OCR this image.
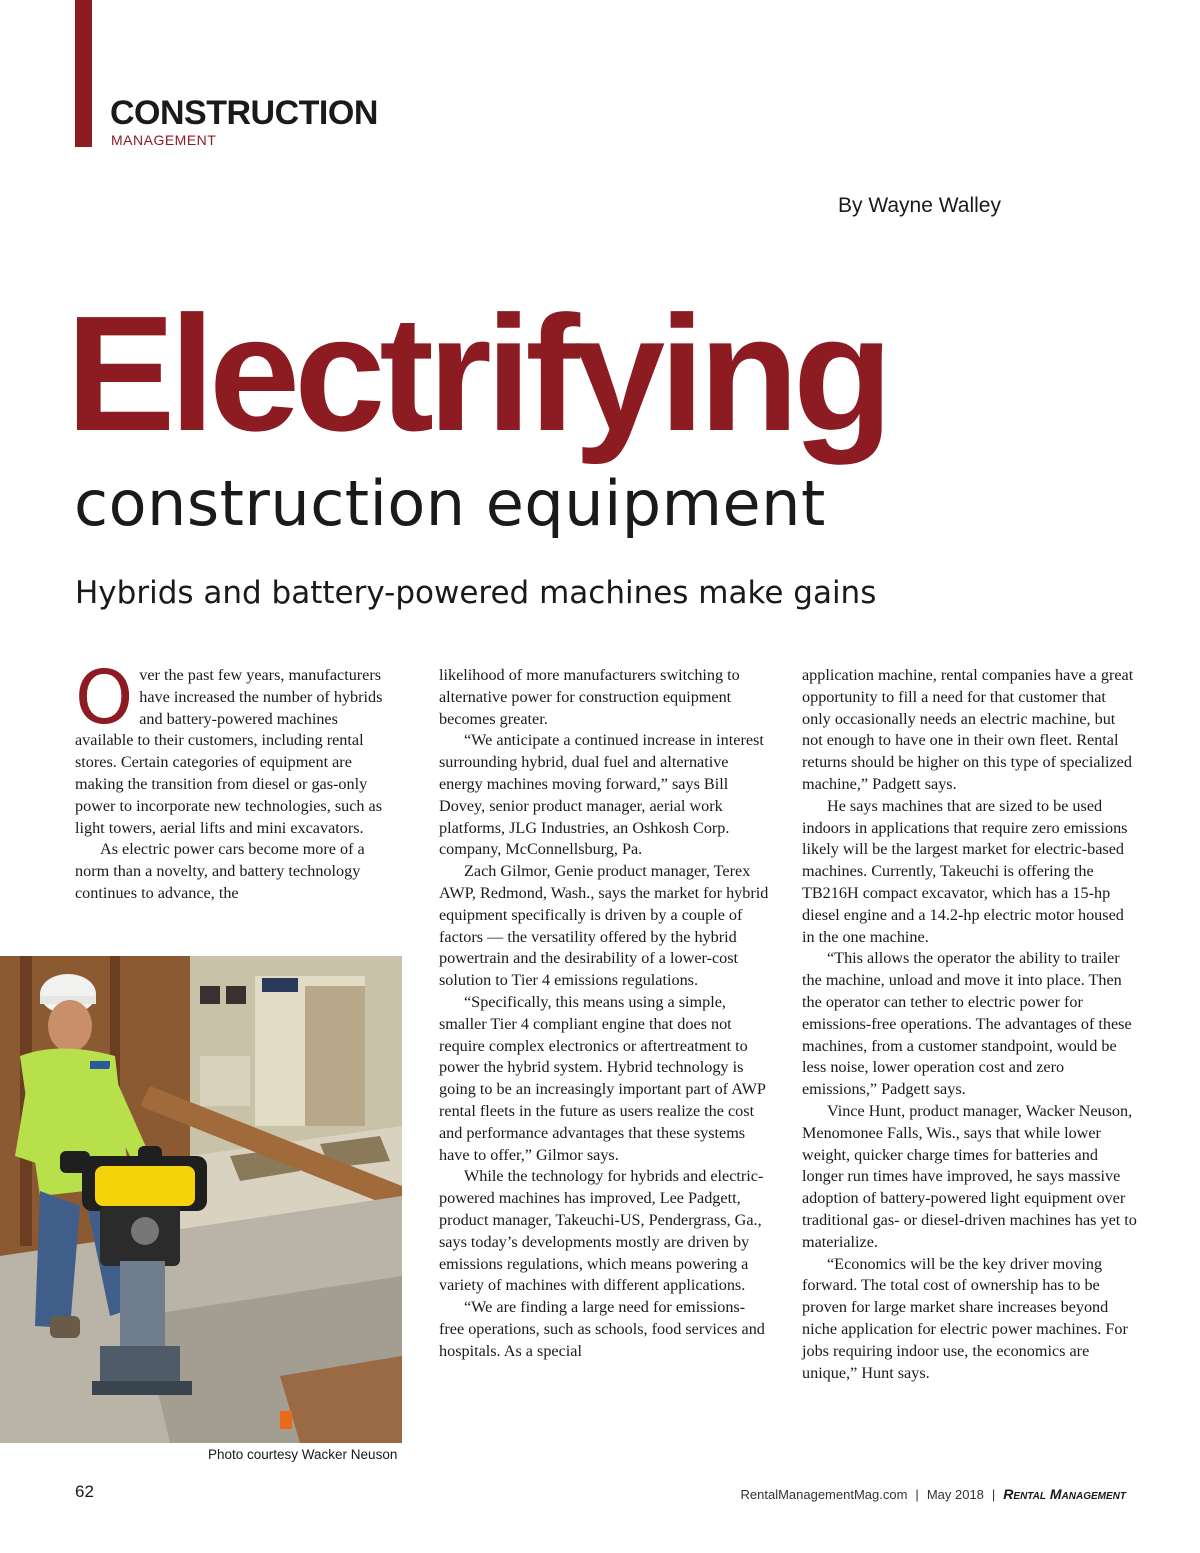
CONSTRUCTION
MANAGEMENT
By Wayne Walley
Electrifying
construction equipment
Hybrids and battery-powered machines make gains

Over the past few years, manufacturers have increased the number of hybrids and battery-powered machines available to their customers, including rental stores. Certain categories of equipment are making the transition from diesel or gas-only power to incorporate new technologies, such as light towers, aerial lifts and mini excavators.

As electric power cars become more of a norm than a novelty, and battery technology continues to advance, the

likelihood of more manufacturers switching to alternative power for construction equipment becomes greater.

“We anticipate a continued increase in interest surrounding hybrid, dual fuel and alternative energy machines moving forward,” says Bill Dovey, senior product manager, aerial work platforms, JLG Industries, an Oshkosh Corp. company, McConnellsburg, Pa.

Zach Gilmor, Genie product manager, Terex AWP, Redmond, Wash., says the market for hybrid equipment specifically is driven by a couple of factors — the versatility offered by the hybrid powertrain and the desirability of a lower-cost solution to Tier 4 emissions regulations.

“Specifically, this means using a simple, smaller Tier 4 compliant engine that does not require complex electronics or aftertreatment to power the hybrid system. Hybrid technology is going to be an increasingly important part of AWP rental fleets in the future as users realize the cost and performance advantages that these systems have to offer,” Gilmor says.

While the technology for hybrids and electric-powered machines has improved, Lee Padgett, product manager, Takeuchi-US, Pendergrass, Ga., says today’s developments mostly are driven by emissions regulations, which means powering a variety of machines with different applications.

“We are finding a large need for emissions-free operations, such as schools, food services and hospitals. As a special

application machine, rental companies have a great opportunity to fill a need for that customer that only occasionally needs an electric machine, but not enough to have one in their own fleet. Rental returns should be higher on this type of specialized machine,” Padgett says.

He says machines that are sized to be used indoors in applications that require zero emissions likely will be the largest market for electric-based machines. Currently, Takeuchi is offering the TB216H compact excavator, which has a 15-hp diesel engine and a 14.2-hp electric motor housed in the one machine.

“This allows the operator the ability to trailer the machine, unload and move it into place. Then the operator can tether to electric power for emissions-free operations. The advantages of these machines, from a customer standpoint, would be less noise, lower operation cost and zero emissions,” Padgett says.

Vince Hunt, product manager, Wacker Neuson, Menomonee Falls, Wis., says that while lower weight, quicker charge times for batteries and longer run times have improved, he says massive adoption of battery-powered light equipment over traditional gas- or diesel-driven machines has yet to materialize.

“Economics will be the key driver moving forward. The total cost of ownership has to be proven for large market share increases beyond niche application for electric power machines. For jobs requiring indoor use, the economics are unique,” Hunt says.

Photo courtesy Wacker Neuson
62	RentalManagementMag.com | May 2018 | Rental Management
